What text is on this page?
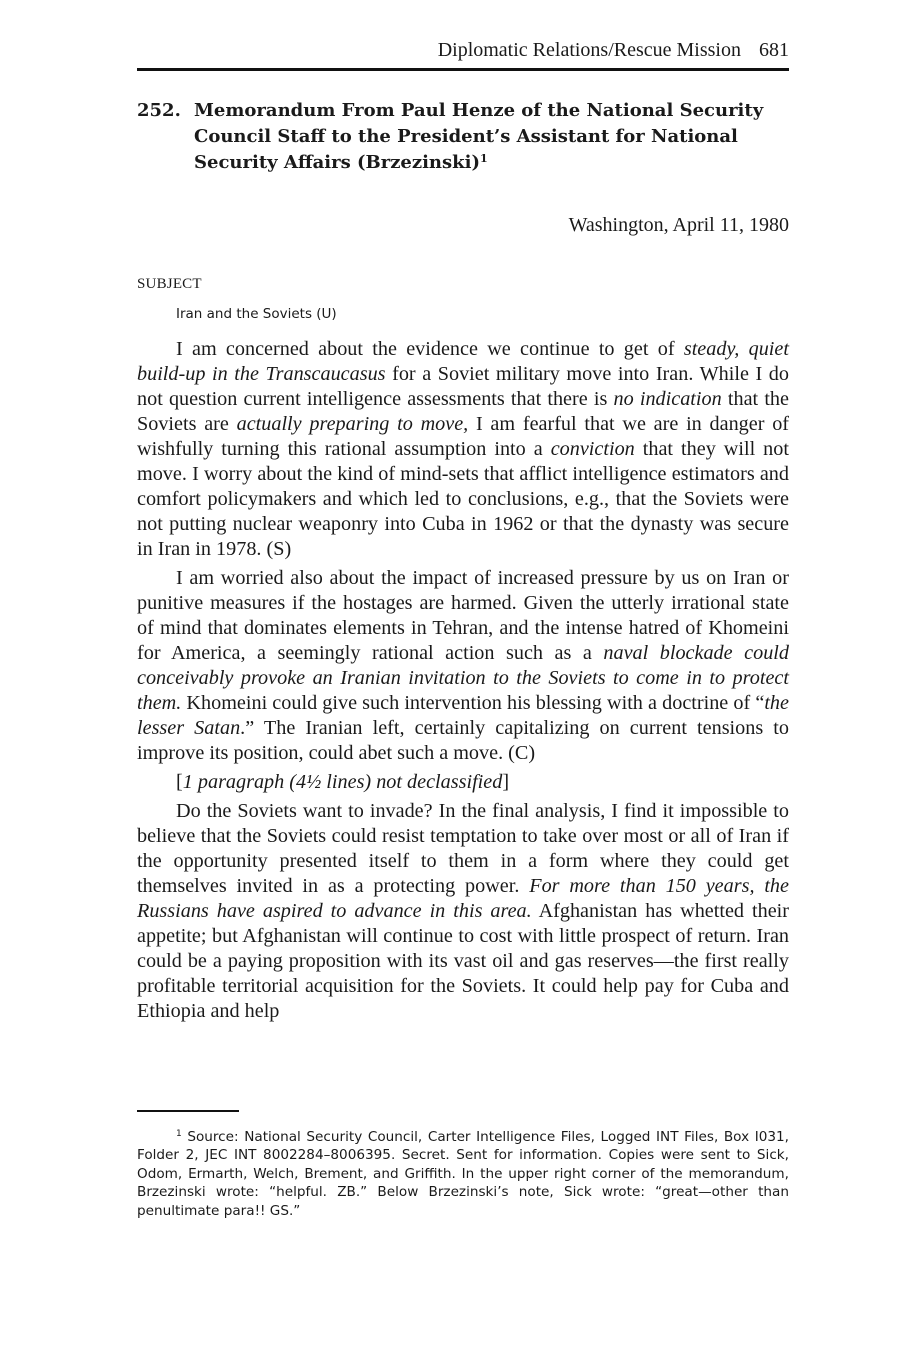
Diplomatic Relations/Rescue Mission 681
252. Memorandum From Paul Henze of the National Security Council Staff to the President’s Assistant for National Security Affairs (Brzezinski)$^1$
Washington, April 11, 1980
SUBJECT
Iran and the Soviets (U)

I am concerned about the evidence we continue to get of steady, quiet build-up in the Transcaucasus for a Soviet military move into Iran. While I do not question current intelligence assessments that there is no indication that the Soviets are actually preparing to move, I am fearful that we are in danger of wishfully turning this rational assumption into a conviction that they will not move. I worry about the kind of mind-sets that afflict intelligence estimators and comfort policymakers and which led to conclusions, e.g., that the Soviets were not putting nuclear weaponry into Cuba in 1962 or that the dynasty was secure in Iran in 1978. (S)

I am worried also about the impact of increased pressure by us on Iran or punitive measures if the hostages are harmed. Given the utterly irrational state of mind that dominates elements in Tehran, and the intense hatred of Khomeini for America, a seemingly rational action such as a naval blockade could conceivably provoke an Iranian invitation to the Soviets to come in to protect them. Khomeini could give such intervention his blessing with a doctrine of “the lesser Satan.” The Iranian left, certainly capitalizing on current tensions to improve its position, could abet such a move. (C)

[1 paragraph (4½ lines) not declassified]

Do the Soviets want to invade? In the final analysis, I find it impossible to believe that the Soviets could resist temptation to take over most or all of Iran if the opportunity presented itself to them in a form where they could get themselves invited in as a protecting power. For more than 150 years, the Russians have aspired to advance in this area. Afghanistan has whetted their appetite; but Afghanistan will continue to cost with little prospect of return. Iran could be a paying proposition with its vast oil and gas reserves—the first really profitable territorial acquisition for the Soviets. It could help pay for Cuba and Ethiopia and help

$^1$ Source: National Security Council, Carter Intelligence Files, Logged INT Files, Box I031, Folder 2, JEC INT 8002284–8006395. Secret. Sent for information. Copies were sent to Sick, Odom, Ermarth, Welch, Brement, and Griffith. In the upper right corner of the memorandum, Brzezinski wrote: “helpful. ZB.” Below Brzezinski’s note, Sick wrote: “great—other than penultimate para!! GS.”
